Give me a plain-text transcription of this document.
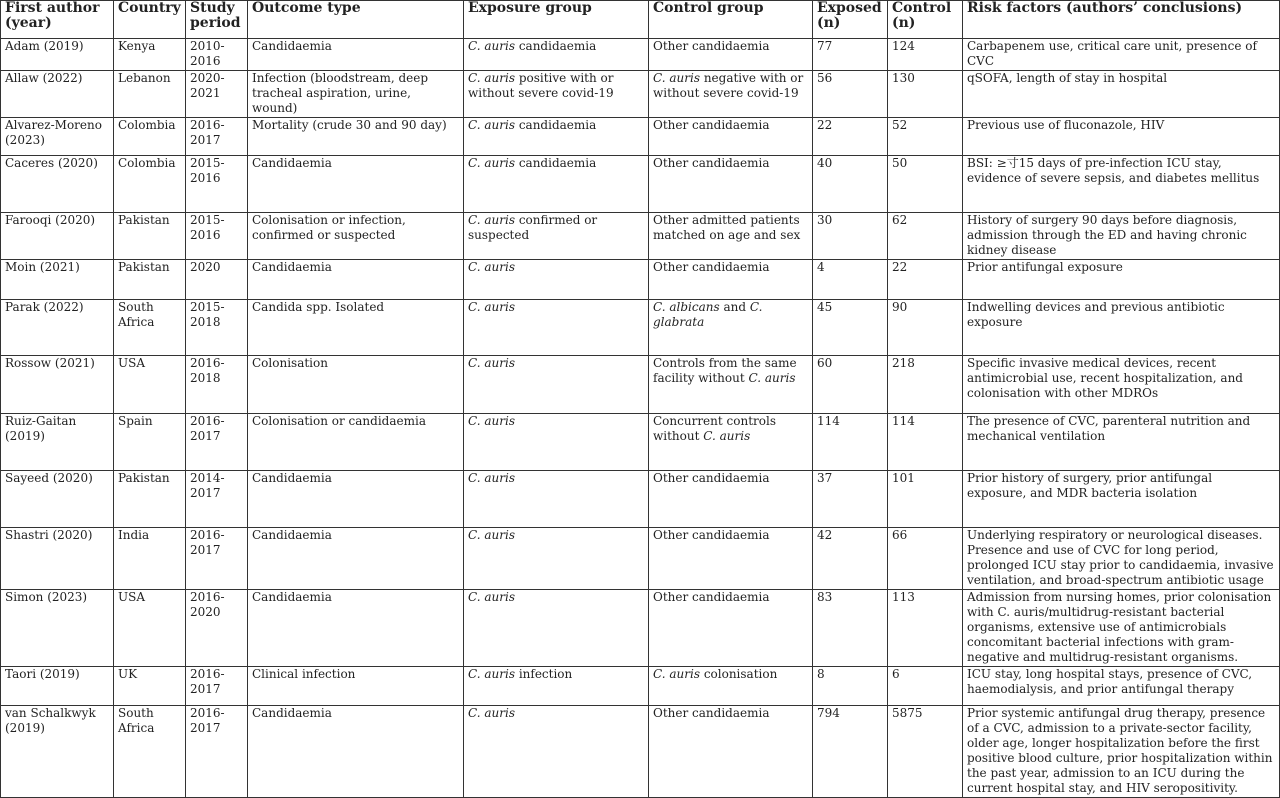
First author (year)	Country	Study period	Outcome type	Exposure group	Control group	Exposed (n)	Control (n)	Risk factors (authors’ conclusions)
Adam (2019)	Kenya	2010-2016	Candidaemia	C. auris candidaemia	Other candidaemia	77	124	Carbapenem use, critical care unit, presence of CVC
Allaw (2022)	Lebanon	2020-2021	Infection (bloodstream, deep tracheal aspiration, urine, wound)	C. auris positive with or without severe covid-19	C. auris negative with or without severe covid-19	56	130	qSOFA, length of stay in hospital
Alvarez-Moreno (2023)	Colombia	2016-2017	Mortality (crude 30 and 90 day)	C. auris candidaemia	Other candidaemia	22	52	Previous use of fluconazole, HIV
Caceres (2020)	Colombia	2015-2016	Candidaemia	C. auris candidaemia	Other candidaemia	40	50	BSI: ≥⼨15 days of pre-infection ICU stay, evidence of severe sepsis, and diabetes mellitus
Farooqi (2020)	Pakistan	2015-2016	Colonisation or infection, confirmed or suspected	C. auris confirmed or suspected	Other admitted patients matched on age and sex	30	62	History of surgery 90 days before diagnosis, admission through the ED and having chronic kidney disease
Moin (2021)	Pakistan	2020	Candidaemia	C. auris	Other candidaemia	4	22	Prior antifungal exposure
Parak (2022)	South Africa	2015-2018	Candida spp. Isolated	C. auris	C. albicans and C. glabrata	45	90	Indwelling devices and previous antibiotic exposure
Rossow (2021)	USA	2016-2018	Colonisation	C. auris	Controls from the same facility without C. auris	60	218	Specific invasive medical devices, recent antimicrobial use, recent hospitalization, and colonisation with other MDROs
Ruiz-Gaitan (2019)	Spain	2016-2017	Colonisation or candidaemia	C. auris	Concurrent controls without C. auris	114	114	The presence of CVC, parenteral nutrition and mechanical ventilation
Sayeed (2020)	Pakistan	2014-2017	Candidaemia	C. auris	Other candidaemia	37	101	Prior history of surgery, prior antifungal exposure, and MDR bacteria isolation
Shastri (2020)	India	2016-2017	Candidaemia	C. auris	Other candidaemia	42	66	Underlying respiratory or neurological diseases. Presence and use of CVC for long period, prolonged ICU stay prior to candidaemia, invasive ventilation, and broad-spectrum antibiotic usage
Simon (2023)	USA	2016-2020	Candidaemia	C. auris	Other candidaemia	83	113	Admission from nursing homes, prior colonisation with C. auris/multidrug-resistant bacterial organisms, extensive use of antimicrobials concomitant bacterial infections with gram-negative and multidrug-resistant organisms.
Taori (2019)	UK	2016-2017	Clinical infection	C. auris infection	C. auris colonisation	8	6	ICU stay, long hospital stays, presence of CVC, haemodialysis, and prior antifungal therapy
van Schalkwyk (2019)	South Africa	2016-2017	Candidaemia	C. auris	Other candidaemia	794	5875	Prior systemic antifungal drug therapy, presence of a CVC, admission to a private-sector facility, older age, longer hospitalization before the first positive blood culture, prior hospitalization within the past year, admission to an ICU during the current hospital stay, and HIV seropositivity.
